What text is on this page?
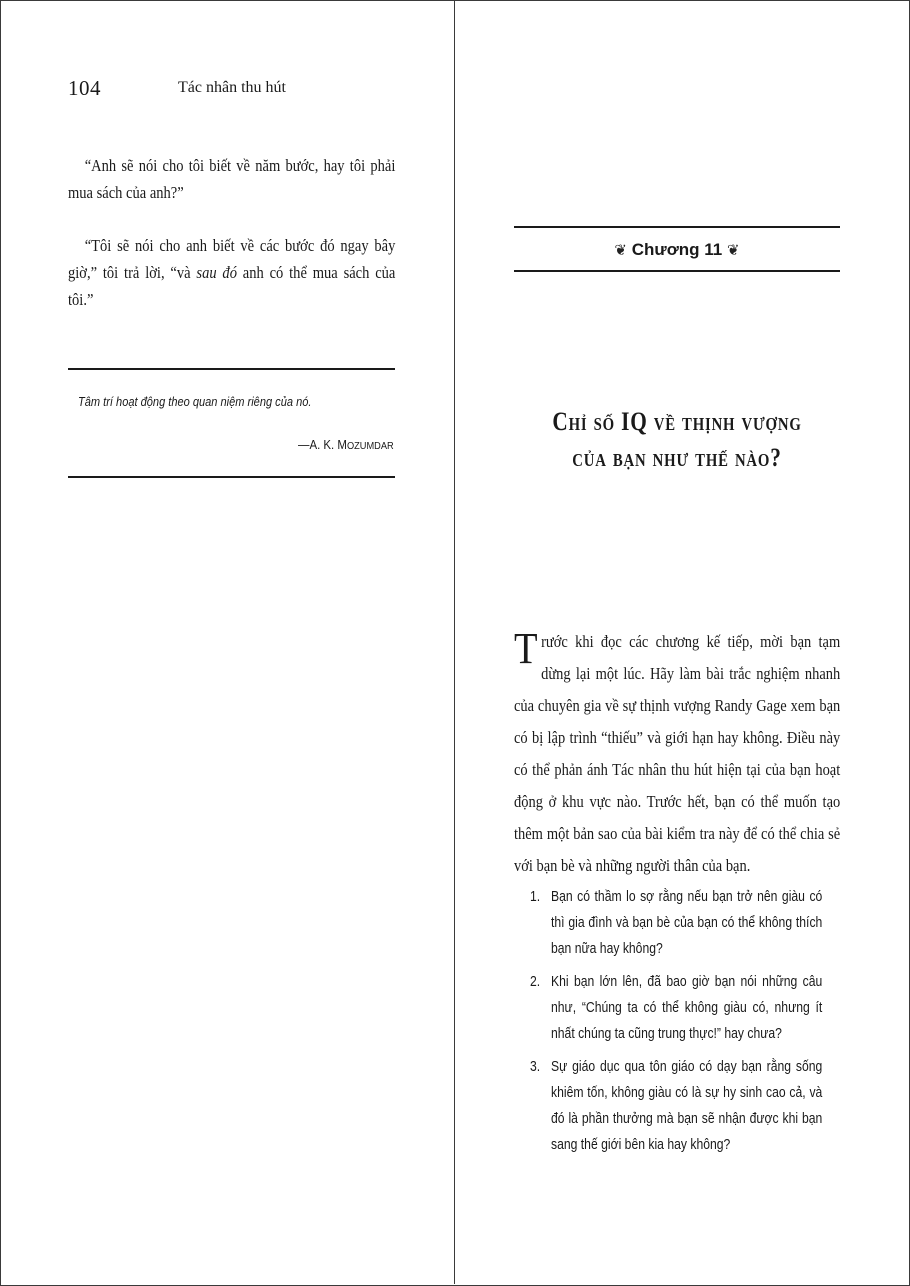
104	Tác nhân thu hút

“Anh sẽ nói cho tôi biết về năm bước, hay tôi phải mua sách của anh?”

“Tôi sẽ nói cho anh biết về các bước đó ngay bây giờ,” tôi trả lời, “và sau đó anh có thể mua sách của tôi.”

Tâm trí hoạt động theo quan niệm riêng của nó.
—A. K. MOZUMDAR
❦ Chương 11 ❦
Chỉ số IQ về thịnh vượng
của bạn như thế nào?

Trước khi đọc các chương kế tiếp, mời bạn tạm dừng lại một lúc. Hãy làm bài trắc nghiệm nhanh của chuyên gia về sự thịnh vượng Randy Gage xem bạn có bị lập trình “thiếu” và giới hạn hay không. Điều này có thể phản ánh Tác nhân thu hút hiện tại của bạn hoạt động ở khu vực nào. Trước hết, bạn có thể muốn tạo thêm một bản sao của bài kiểm tra này để có thể chia sẻ với bạn bè và những người thân của bạn.

1. Bạn có thầm lo sợ rằng nếu bạn trở nên giàu có thì gia đình và bạn bè của bạn có thể không thích bạn nữa hay không?
2. Khi bạn lớn lên, đã bao giờ bạn nói những câu như, “Chúng ta có thể không giàu có, nhưng ít nhất chúng ta cũng trung thực!” hay chưa?
3. Sự giáo dục qua tôn giáo có dạy bạn rằng sống khiêm tốn, không giàu có là sự hy sinh cao cả, và đó là phần thưởng mà bạn sẽ nhận được khi bạn sang thế giới bên kia hay không?
